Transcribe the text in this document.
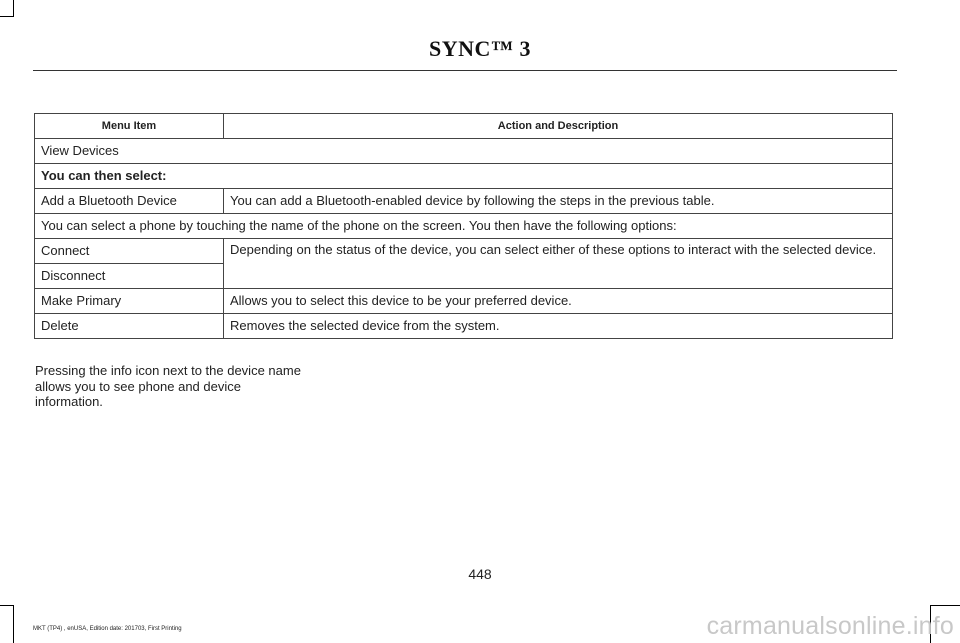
SYNC™ 3
Menu Item	Action and Description
View Devices	
You can then select:	
Add a Bluetooth Device	You can add a Bluetooth-enabled device by following the steps in the previous table.
You can select a phone by touching the name of the phone on the screen. You then have the following options:	
Connect	Depending on the status of the device, you can select either of these options to interact with the selected device.
Disconnect	
Make Primary	Allows you to select this device to be your preferred device.
Delete	Removes the selected device from the system.
Pressing the info icon next to the device name allows you to see phone and device information.
448
MKT (TP4) , enUSA, Edition date: 201703, First Printing	carmanualsonline.info
